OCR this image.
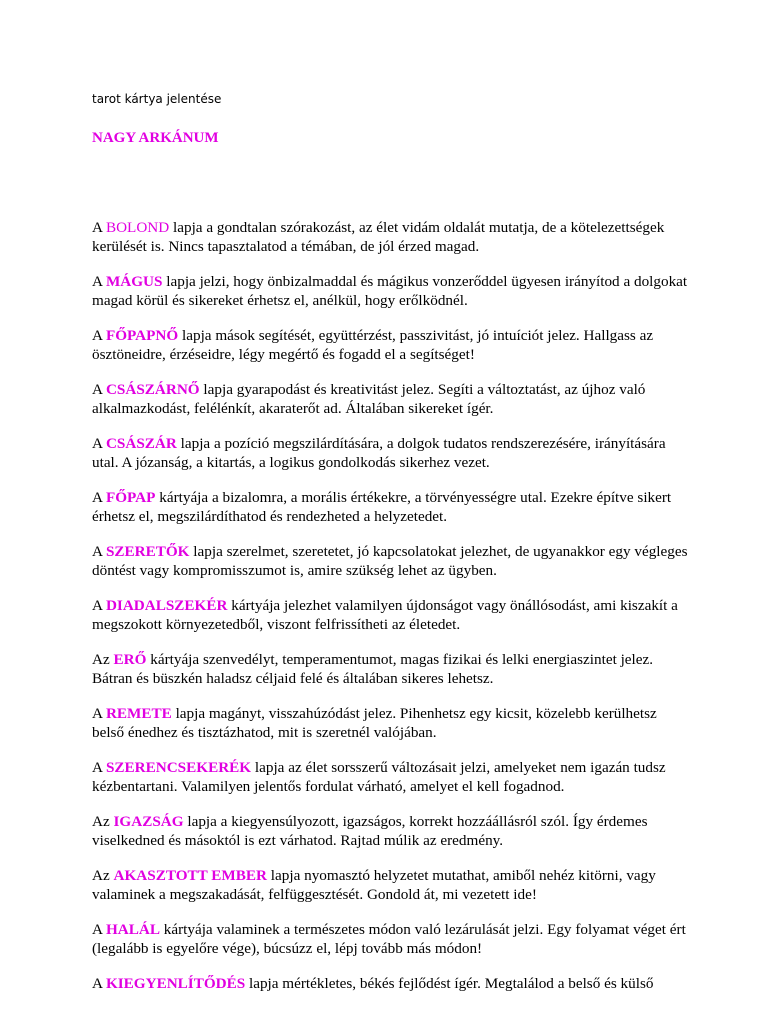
tarot kártya jelentése
NAGY ARKÁNUM

A BOLOND lapja a gondtalan szórakozást, az élet vidám oldalát mutatja, de a kötelezettségek kerülését is. Nincs tapasztalatod a témában, de jól érzed magad.

A MÁGUS lapja jelzi, hogy önbizalmaddal és mágikus vonzerőddel ügyesen irányítod a dolgokat magad körül és sikereket érhetsz el, anélkül, hogy erőlködnél.

A FŐPAPNŐ lapja mások segítését, együttérzést, passzivitást, jó intuíciót jelez. Hallgass az ösztöneidre, érzéseidre, légy megértő és fogadd el a segítséget!

A CSÁSZÁRNŐ lapja gyarapodást és kreativitást jelez. Segíti a változtatást, az újhoz való alkalmazkodást, felélénkít, akaraterőt ad. Általában sikereket ígér.

A CSÁSZÁR lapja a pozíció megszilárdítására, a dolgok tudatos rendszerezésére, irányítására utal. A józanság, a kitartás, a logikus gondolkodás sikerhez vezet.

A FŐPAP kártyája a bizalomra, a morális értékekre, a törvényességre utal. Ezekre építve sikert érhetsz el, megszilárdíthatod és rendezheted a helyzetedet.

A SZERETŐK lapja szerelmet, szeretetet, jó kapcsolatokat jelezhet, de ugyanakkor egy végleges döntést vagy kompromisszumot is, amire szükség lehet az ügyben.

A DIADALSZEKÉR kártyája jelezhet valamilyen újdonságot vagy önállósodást, ami kiszakít a megszokott környezetedből, viszont felfrissítheti az életedet.

Az ERŐ kártyája szenvedélyt, temperamentumot, magas fizikai és lelki energiaszintet jelez. Bátran és büszkén haladsz céljaid felé és általában sikeres lehetsz.

A REMETE lapja magányt, visszahúzódást jelez. Pihenhetsz egy kicsit, közelebb kerülhetsz belső énedhez és tisztázhatod, mit is szeretnél valójában.

A SZERENCSEKERÉK lapja az élet sorsszerű változásait jelzi, amelyeket nem igazán tudsz kézbentartani. Valamilyen jelentős fordulat várható, amelyet el kell fogadnod.

Az IGAZSÁG lapja a kiegyensúlyozott, igazságos, korrekt hozzáállásról szól. Így érdemes viselkedned és másoktól is ezt várhatod. Rajtad múlik az eredmény.

Az AKASZTOTT EMBER lapja nyomasztó helyzetet mutathat, amiből nehéz kitörni, vagy valaminek a megszakadását, felfüggesztését. Gondold át, mi vezetett ide!

A HALÁL kártyája valaminek a természetes módon való lezárulását jelzi. Egy folyamat véget ért (legalább is egyelőre vége), búcsúzz el, lépj tovább más módon!

A KIEGYENLÍTŐDÉS lapja mértékletes, békés fejlődést ígér. Megtalálod a belső és külső
